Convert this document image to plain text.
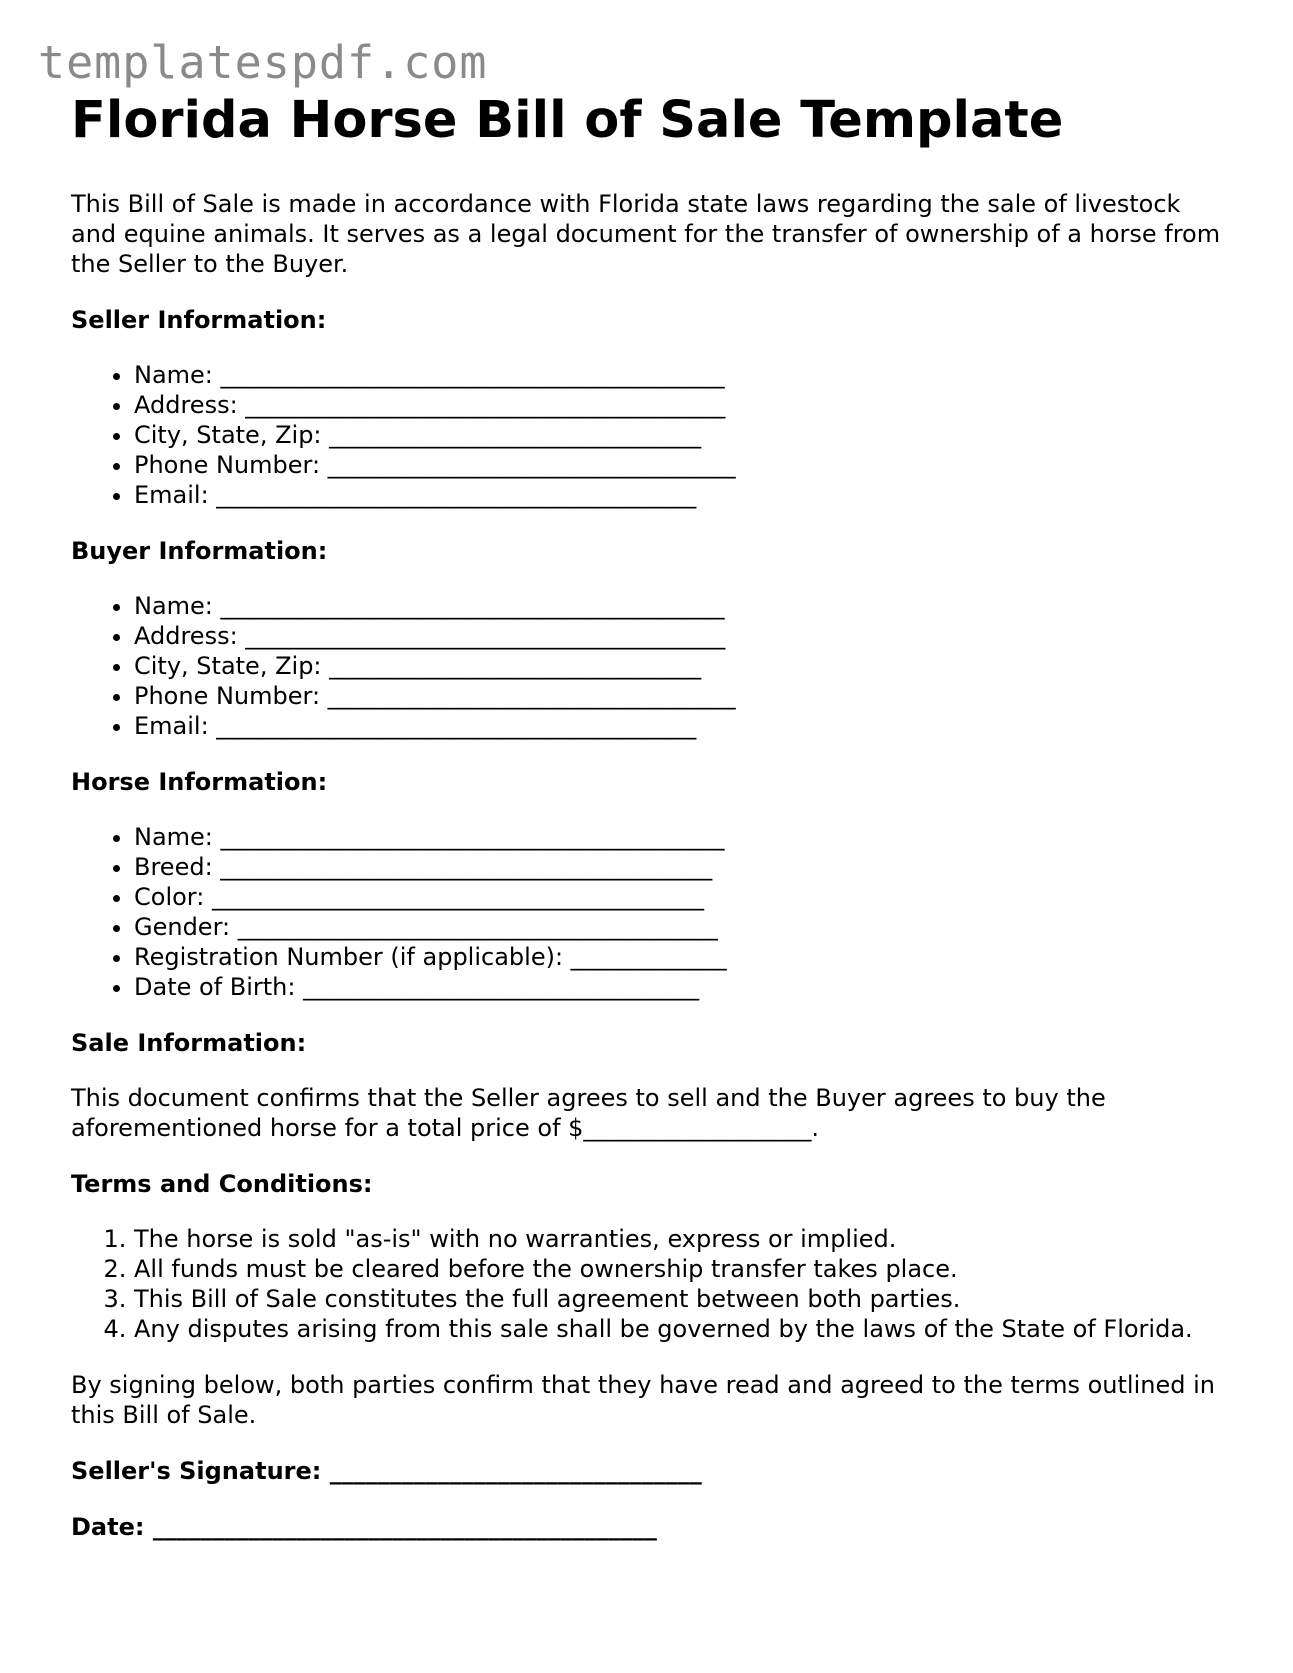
templatespdf.com
Florida Horse Bill of Sale Template

This Bill of Sale is made in accordance with Florida state laws regarding the sale of livestock and equine animals. It serves as a legal document for the transfer of ownership of a horse from the Seller to the Buyer.

Seller Information:
• Name: __________________________________________
• Address: ________________________________________
• City, State, Zip: _______________________________
• Phone Number: __________________________________
• Email: ________________________________________
Buyer Information:
• Name: __________________________________________
• Address: ________________________________________
• City, State, Zip: _______________________________
• Phone Number: __________________________________
• Email: ________________________________________
Horse Information:
• Name: __________________________________________
• Breed: _________________________________________
• Color: _________________________________________
• Gender: ________________________________________
• Registration Number (if applicable): _____________
• Date of Birth: _________________________________
Sale Information:

This document confirms that the Seller agrees to sell and the Buyer agrees to buy the aforementioned horse for a total price of $___________________.

Terms and Conditions:
1. The horse is sold "as-is" with no warranties, express or implied.
2. All funds must be cleared before the ownership transfer takes place.
3. This Bill of Sale constitutes the full agreement between both parties.
4. Any disputes arising from this sale shall be governed by the laws of the State of Florida.

By signing below, both parties confirm that they have read and agreed to the terms outlined in this Bill of Sale.

Seller's Signature: _______________________________
Date: __________________________________________
